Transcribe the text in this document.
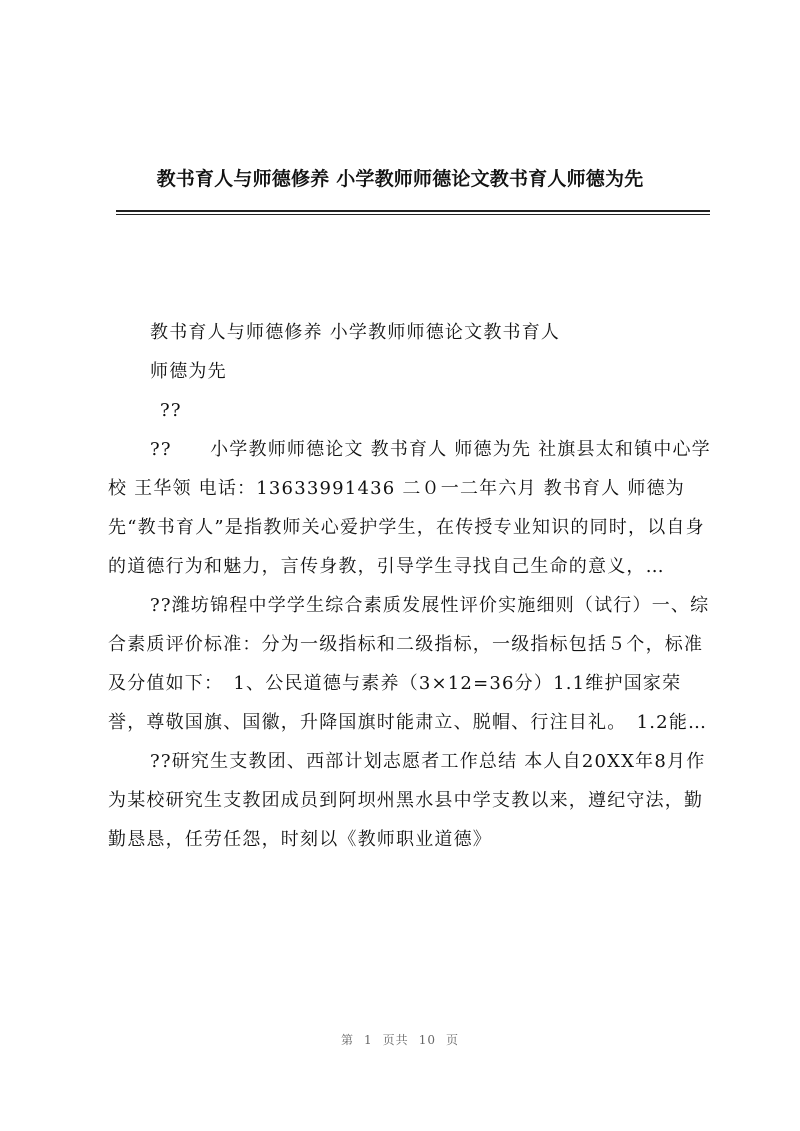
教书育人与师德修养 小学教师师德论文教书育人师德为先

教书育人与师德修养 小学教师师德论文教书育人

师德为先

??

??　　小学教师师德论文 教书育人 师德为先 社旗县太和镇中心学校 王华领 电话：13633991436 二０一二年六月 教书育人 师德为先“教书育人”是指教师关心爱护学生，在传授专业知识的同时，以自身的道德行为和魅力，言传身教，引导学生寻找自己生命的意义，…

??潍坊锦程中学学生综合素质发展性评价实施细则（试行）一、综合素质评价标准：分为一级指标和二级指标，一级指标包括５个，标准及分值如下：　1、公民道德与素养（3×12=36分）1.1维护国家荣誉，尊敬国旗、国徽，升降国旗时能肃立、脱帽、行注目礼。　1.2能…

??研究生支教团、西部计划志愿者工作总结 本人自20XX年8月作为某校研究生支教团成员到阿坝州黑水县中学支教以来，遵纪守法，勤勤恳恳，任劳任怨，时刻以《教师职业道德》

第 1 页共 10 页
